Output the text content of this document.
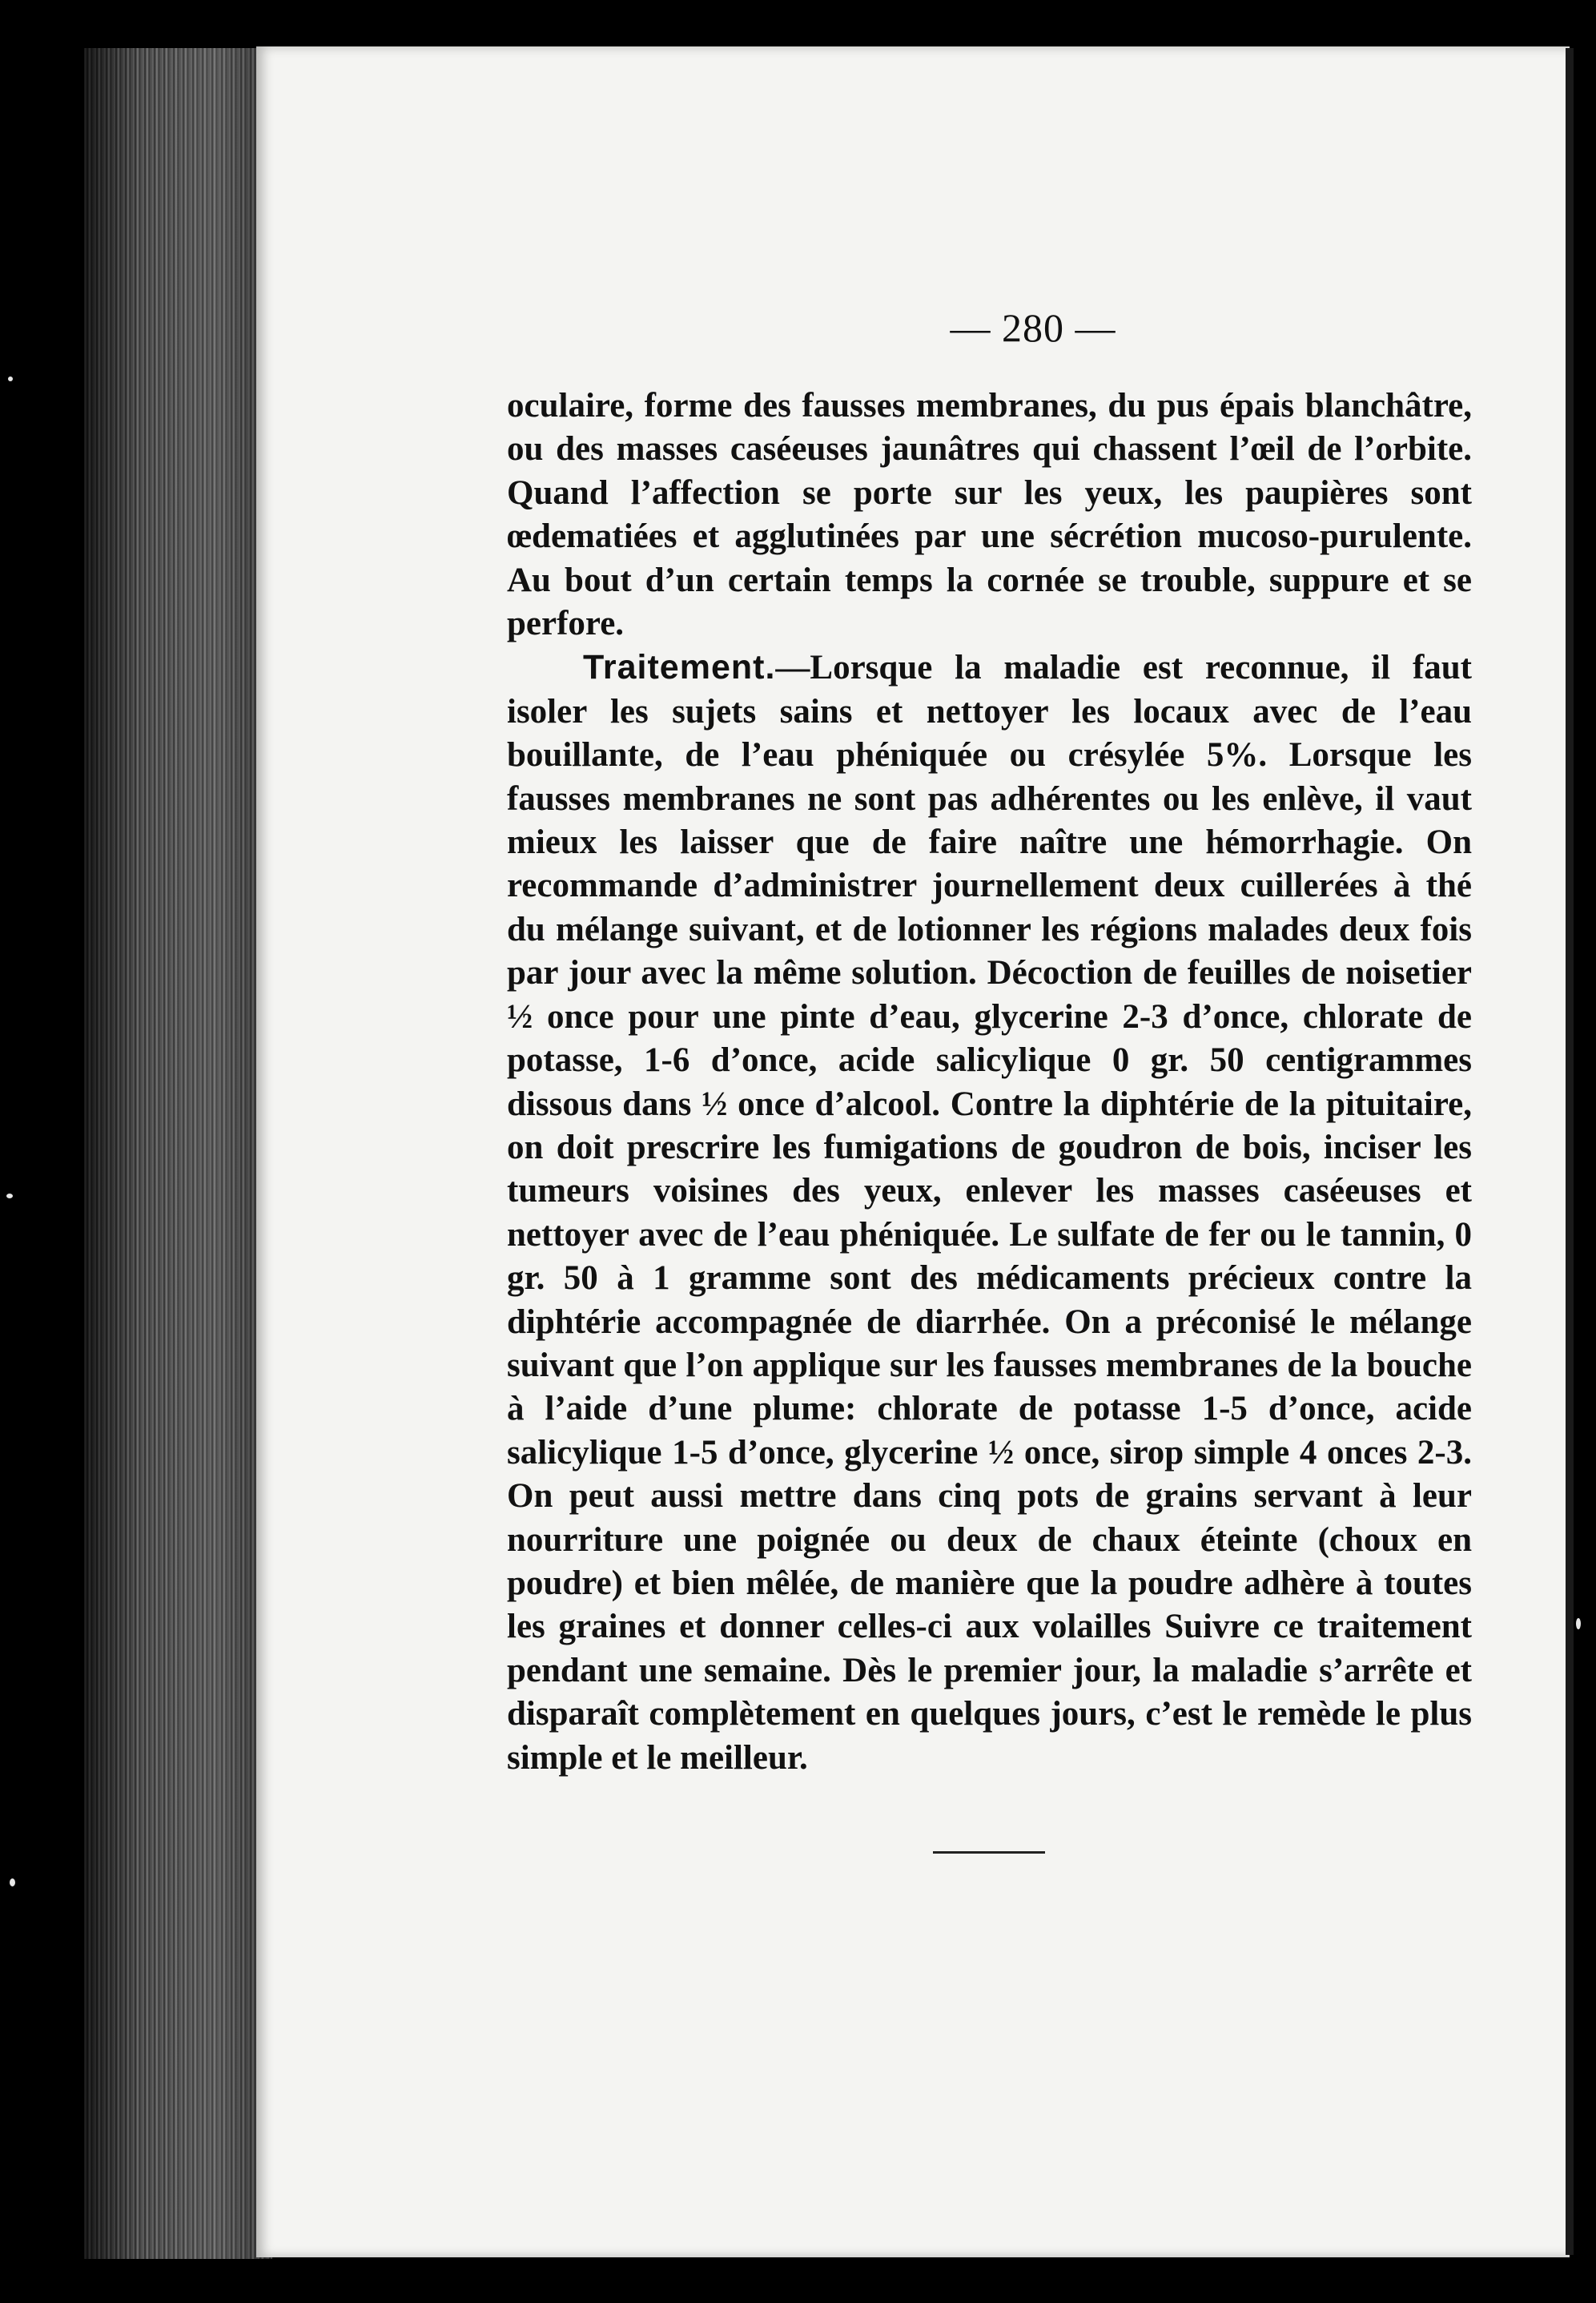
— 280 —

oculaire, forme des fausses membranes, du pus épais blanchâtre, ou des masses caséeuses jaunâtres qui chassent l’œil de l’orbite. Quand l’affection se porte sur les yeux, les paupières sont œdematiées et agglutinées par une sécrétion mucoso-purulente. Au bout d’un certain temps la cornée se trouble, suppure et se perfore.

Traitement.—Lorsque la maladie est reconnue, il faut isoler les sujets sains et nettoyer les locaux avec de l’eau bouillante, de l’eau phéniquée ou crésylée 5%. Lorsque les fausses membranes ne sont pas adhérentes ou les enlève, il vaut mieux les laisser que de faire naître une hémorrhagie. On recommande d’administrer journellement deux cuillerées à thé du mélange suivant, et de lotionner les régions malades deux fois par jour avec la même solution. Décoction de feuilles de noisetier ½ once pour une pinte d’eau, glycerine 2-3 d’once, chlorate de potasse, 1-6 d’once, acide salicylique 0 gr. 50 centigrammes dissous dans ½ once d’alcool. Contre la diphtérie de la pituitaire, on doit prescrire les fumigations de goudron de bois, inciser les tumeurs voisines des yeux, enlever les masses caséeuses et nettoyer avec de l’eau phéniquée. Le sulfate de fer ou le tannin, 0 gr. 50 à 1 gramme sont des médicaments précieux contre la diphtérie accompagnée de diarrhée. On a préconisé le mélange suivant que l’on applique sur les fausses membranes de la bouche à l’aide d’une plume: chlorate de potasse 1-5 d’once, acide salicylique 1-5 d’once, glycerine ½ once, sirop simple 4 onces 2-3. On peut aussi mettre dans cinq pots de grains servant à leur nourriture une poignée ou deux de chaux éteinte (choux en poudre) et bien mêlée, de manière que la poudre adhère à toutes les graines et donner celles-ci aux volailles Suivre ce traitement pendant une semaine. Dès le premier jour, la maladie s’arrête et disparaît complètement en quelques jours, c’est le remède le plus simple et le meilleur.
